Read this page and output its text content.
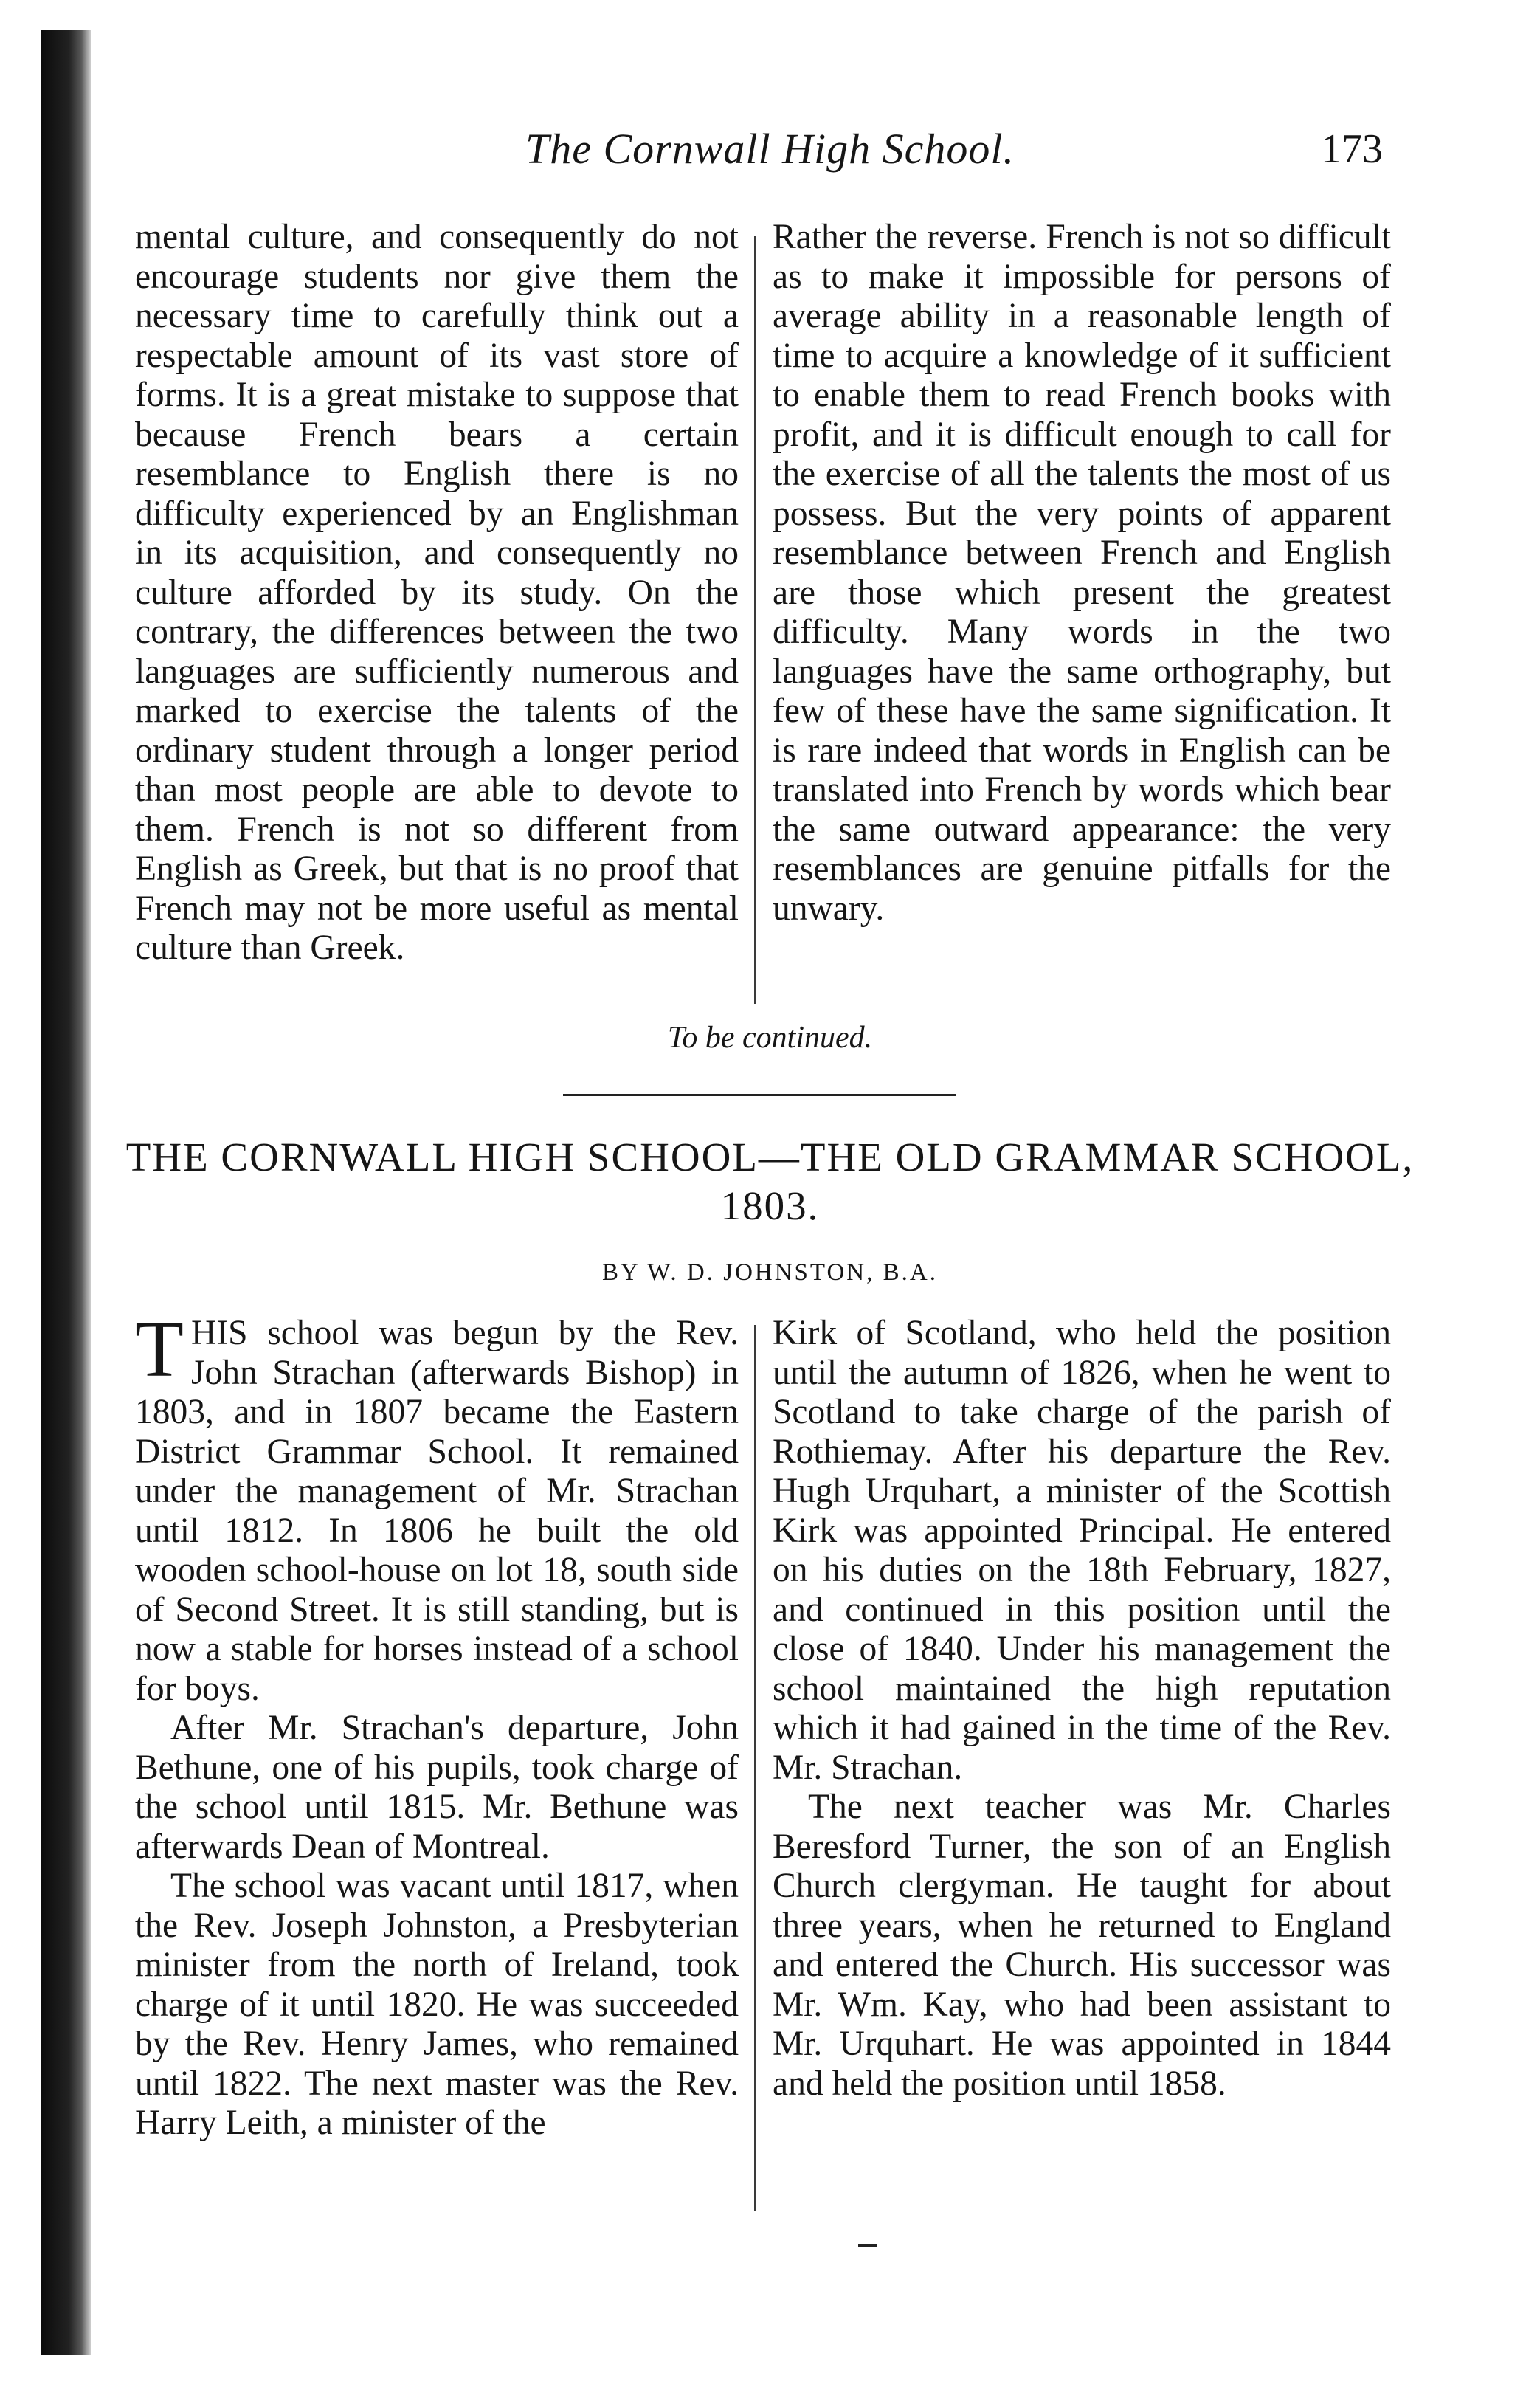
The Cornwall High School.	173

mental culture, and consequently do not encourage students nor give them the necessary time to carefully think out a respectable amount of its vast store of forms. It is a great mistake to suppose that because French bears a certain resemblance to English there is no difficulty experienced by an Englishman in its acquisition, and consequently no culture afforded by its study. On the contrary, the differences between the two languages are sufficiently numerous and marked to exercise the talents of the ordinary student through a longer period than most people are able to devote to them. French is not so different from English as Greek, but that is no proof that French may not be more useful as mental culture than Greek.

Rather the reverse. French is not so difficult as to make it impossible for persons of average ability in a reasonable length of time to acquire a knowledge of it sufficient to enable them to read French books with profit, and it is difficult enough to call for the exercise of all the talents the most of us possess. But the very points of apparent resemblance between French and English are those which present the greatest difficulty. Many words in the two languages have the same orthography, but few of these have the same signification. It is rare indeed that words in English can be translated into French by words which bear the same outward appearance: the very resemblances are genuine pitfalls for the unwary.

To be continued.
THE CORNWALL HIGH SCHOOL—THE OLD GRAMMAR SCHOOL, 1803.
BY W. D. JOHNSTON, B.A.

THIS school was begun by the Rev. John Strachan (afterwards Bishop) in 1803, and in 1807 became the Eastern District Grammar School. It remained under the management of Mr. Strachan until 1812. In 1806 he built the old wooden school-house on lot 18, south side of Second Street. It is still standing, but is now a stable for horses instead of a school for boys.

After Mr. Strachan's departure, John Bethune, one of his pupils, took charge of the school until 1815. Mr. Bethune was afterwards Dean of Montreal.

The school was vacant until 1817, when the Rev. Joseph Johnston, a Presbyterian minister from the north of Ireland, took charge of it until 1820. He was succeeded by the Rev. Henry James, who remained until 1822. The next master was the Rev. Harry Leith, a minister of the

Kirk of Scotland, who held the position until the autumn of 1826, when he went to Scotland to take charge of the parish of Rothiemay. After his departure the Rev. Hugh Urquhart, a minister of the Scottish Kirk was appointed Principal. He entered on his duties on the 18th February, 1827, and continued in this position until the close of 1840. Under his management the school maintained the high reputation which it had gained in the time of the Rev. Mr. Strachan.

The next teacher was Mr. Charles Beresford Turner, the son of an English Church clergyman. He taught for about three years, when he returned to England and entered the Church. His successor was Mr. Wm. Kay, who had been assistant to Mr. Urquhart. He was appointed in 1844 and held the position until 1858.
